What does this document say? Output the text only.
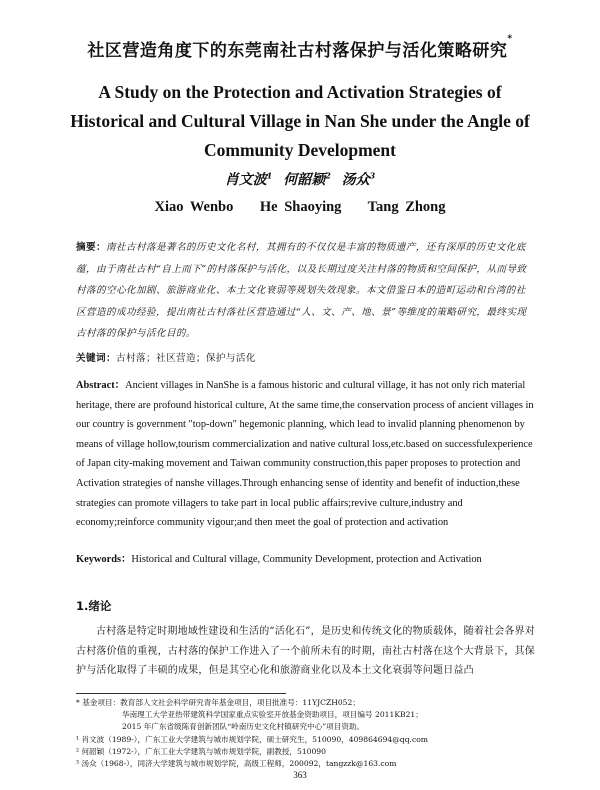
社区营造角度下的东莞南社古村落保护与活化策略研究*
A Study on the Protection and Activation Strategies of Historical and Cultural Village in Nan She under the Angle of Community Development
肖文波$^1$ 何韶颖$^2$ 汤众$^3$
Xiao Wenbo    He Shaoying    Tang Zhong
摘要：南社古村落是著名的历史文化名村，其拥有的不仅仅是丰富的物质遗产，还有深厚的历史文化底蕴，由于南社古村“自上而下”的村落保护与活化，以及长期过度关注村落的物质和空间保护，从而导致村落的空心化加剧、旅游商业化、本土文化衰弱等规划失效现象。本文借鉴日本的造町运动和台湾的社区营造的成功经验，提出南社古村落社区营造通过“人、文、产、地、景”等维度的策略研究，最终实现古村落的保护与活化目的。
关键词：古村落；社区营造；保护与活化
Abstract：Ancient villages in NanShe is a famous historic and cultural village, it has not only rich material heritage, there are profound historical culture, At the same time,the conservation process of ancient villages in our country is government "top-down" hegemonic planning, which lead to invalid planning phenomenon by means of village hollow,tourism commercialization and native cultural loss,etc.based on successfulexperience of Japan city-making movement and Taiwan community construction,this paper proposes to protection and Activation strategies of nanshe villages.Through enhancing sense of identity and benefit of induction,these strategies can promote villagers to take part in local public affairs;revive culture,industry and economy;reinforce community vigour;and then meet the goal of protection and activation
Keywords：Historical and Cultural village, Community Development, protection and Activation
1.绪论
古村落是特定时期地域性建设和生活的“活化石”，是历史和传统文化的物质载体，随着社会各界对古村落价值的重视，古村落的保护工作进入了一个前所未有的时期，南社古村落在这个大背景下，其保护与活化取得了丰硕的成果，但是其空心化和旅游商业化以及本土文化衰弱等问题日益凸
* 基金项目：教育部人文社会科学研究青年基金项目，项目批准号：11YJCZH052；
华南理工大学亚热带建筑科学国家重点实验室开放基金资助项目，项目编号 2011KB21；
2015 年广东省级陈育创新团队“岭南历史文化村镇研究中心”项目资助。
¹ 肖文波（1989-），广东工业大学建筑与城市规划学院，硕士研究生，510090，409864694@qq.com
² 何韶颖（1972-），广东工业大学建筑与城市规划学院，副教授，510090
³ 汤众（1968-），同济大学建筑与城市规划学院，高级工程师，200092，tangzzk@163.com
363
